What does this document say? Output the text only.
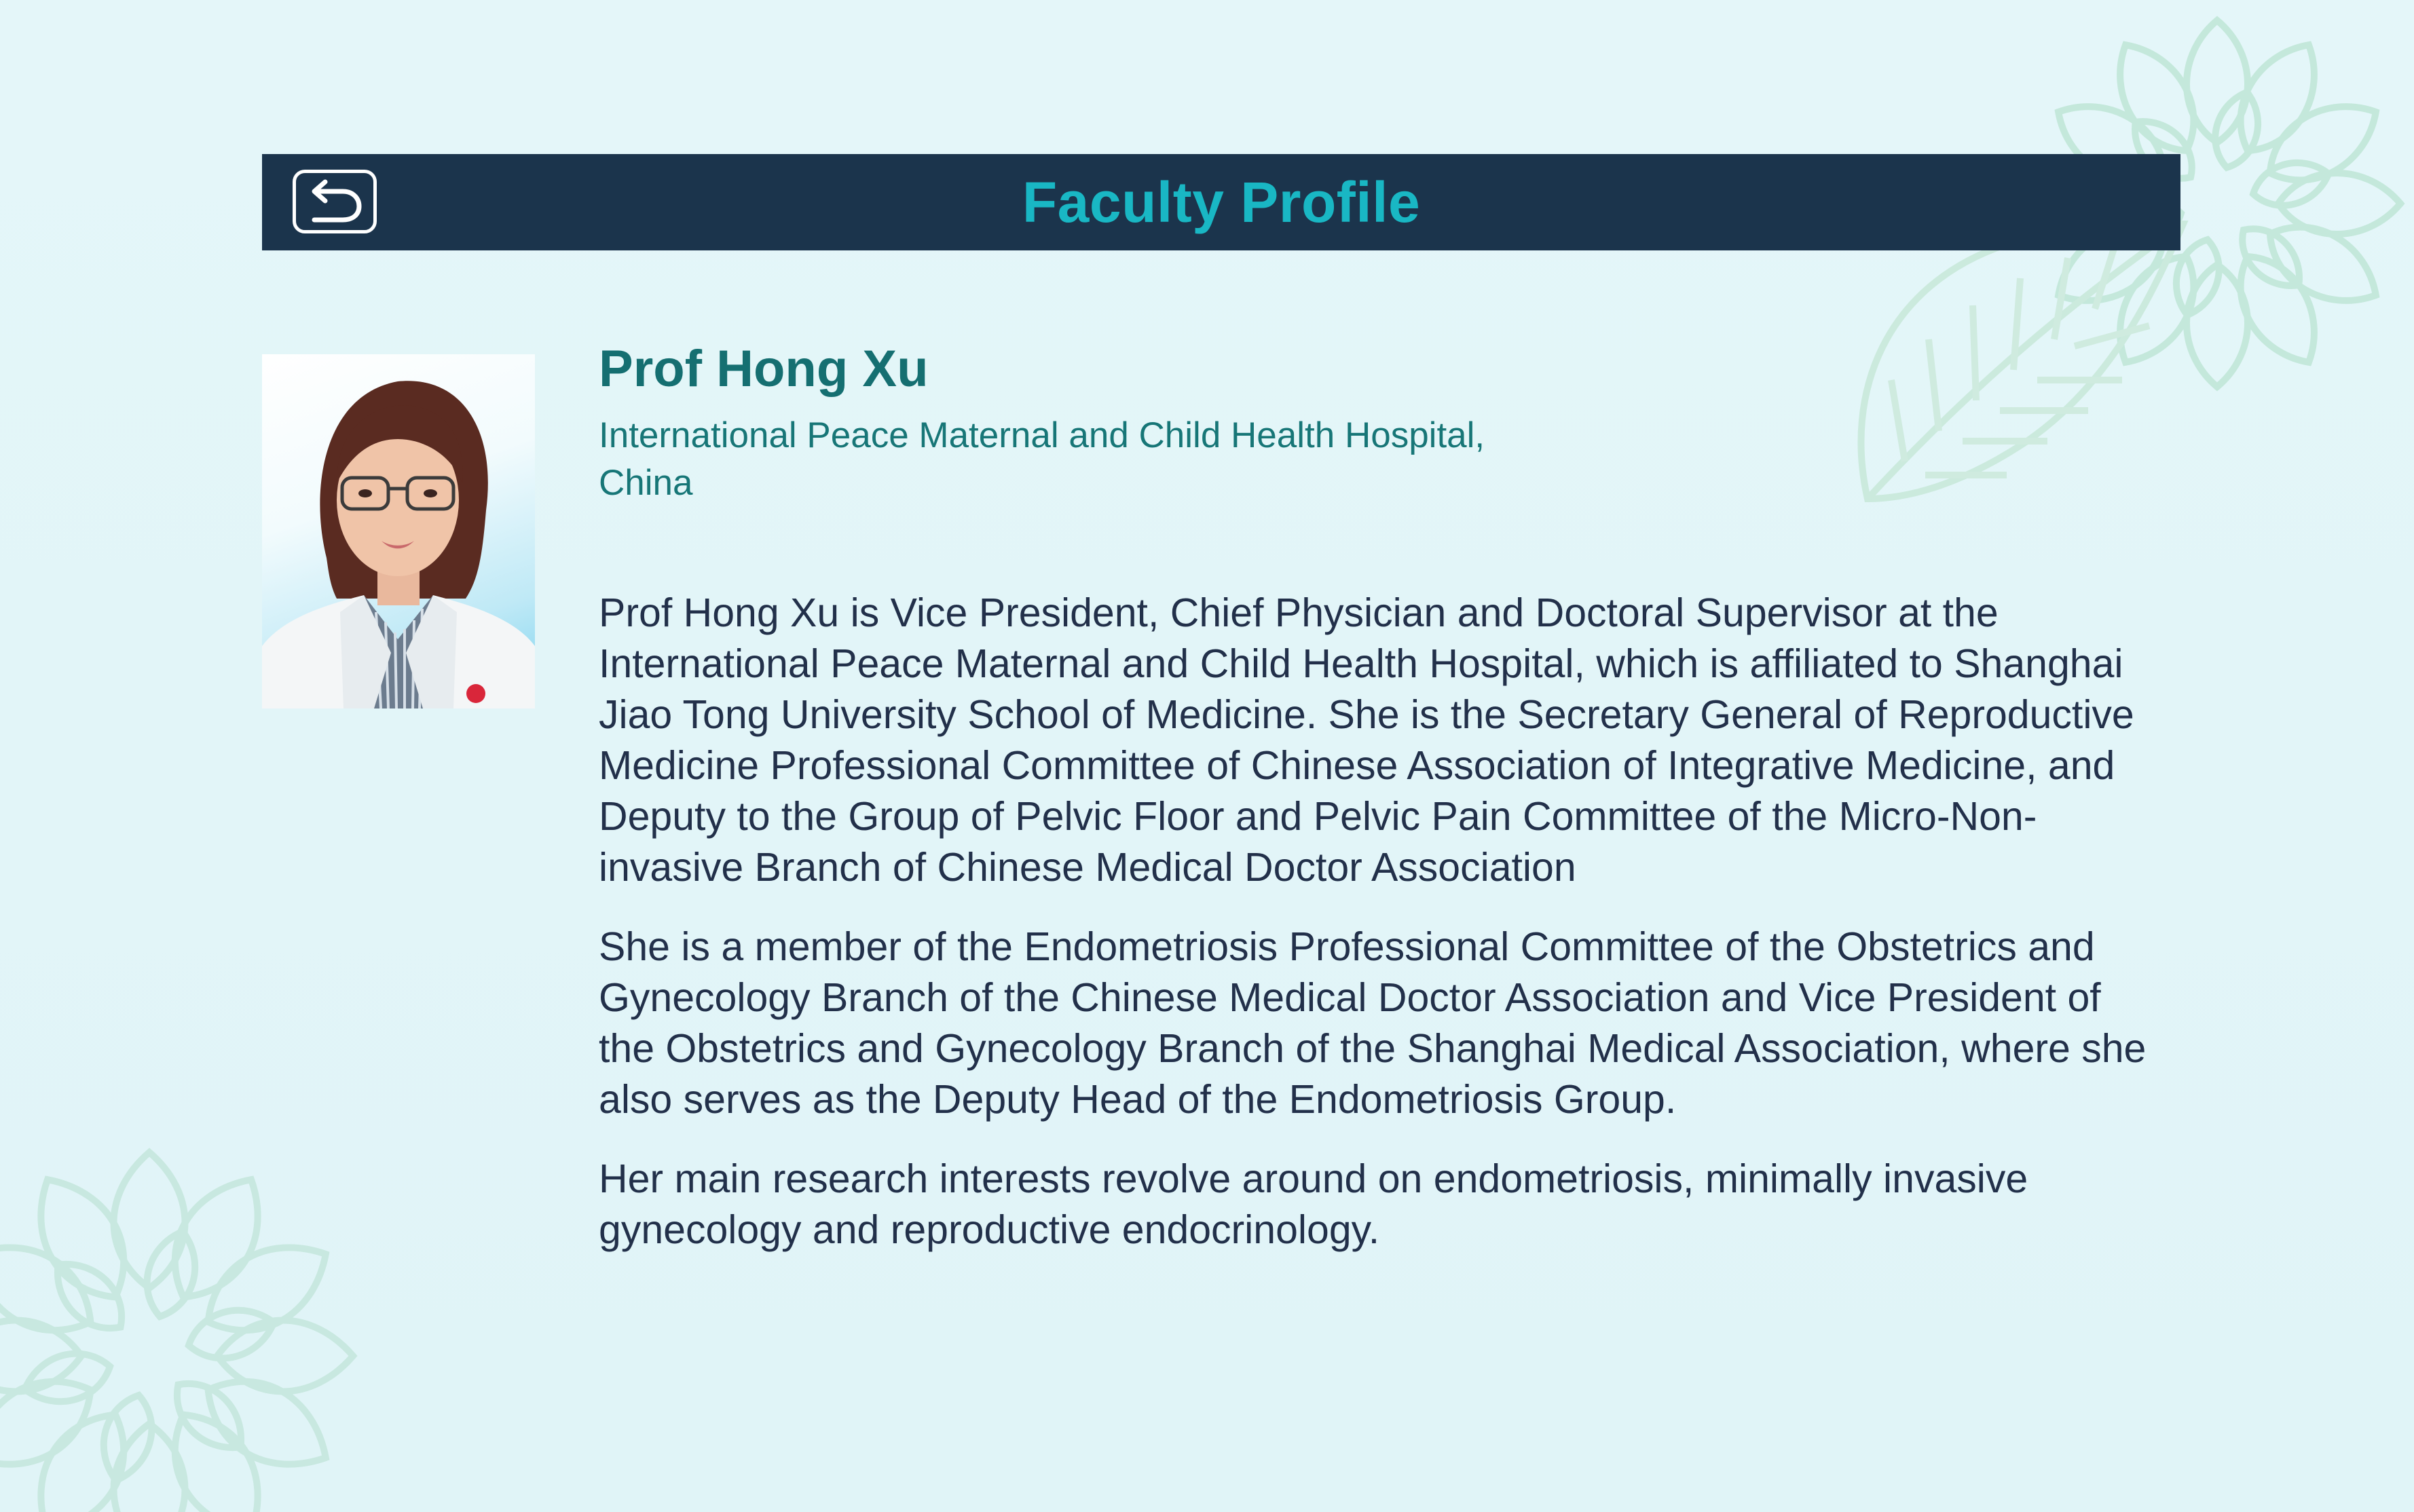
Faculty Profile
Prof Hong Xu

International Peace Maternal and Child Health Hospital,
China

Prof Hong Xu is Vice President, Chief Physician and Doctoral Supervisor at the
International Peace Maternal and Child Health Hospital, which is affiliated to Shanghai
Jiao Tong University School of Medicine. She is the Secretary General of Reproductive
Medicine Professional Committee of Chinese Association of Integrative Medicine, and
Deputy to the Group of Pelvic Floor and Pelvic Pain Committee of the Micro-Non-
invasive Branch of Chinese Medical Doctor Association

She is a member of the Endometriosis Professional Committee of the Obstetrics and
Gynecology Branch of the Chinese Medical Doctor Association and Vice President of
the Obstetrics and Gynecology Branch of the Shanghai Medical Association, where she
also serves as the Deputy Head of the Endometriosis Group.

Her main research interests revolve around on endometriosis, minimally invasive
gynecology and reproductive endocrinology.
